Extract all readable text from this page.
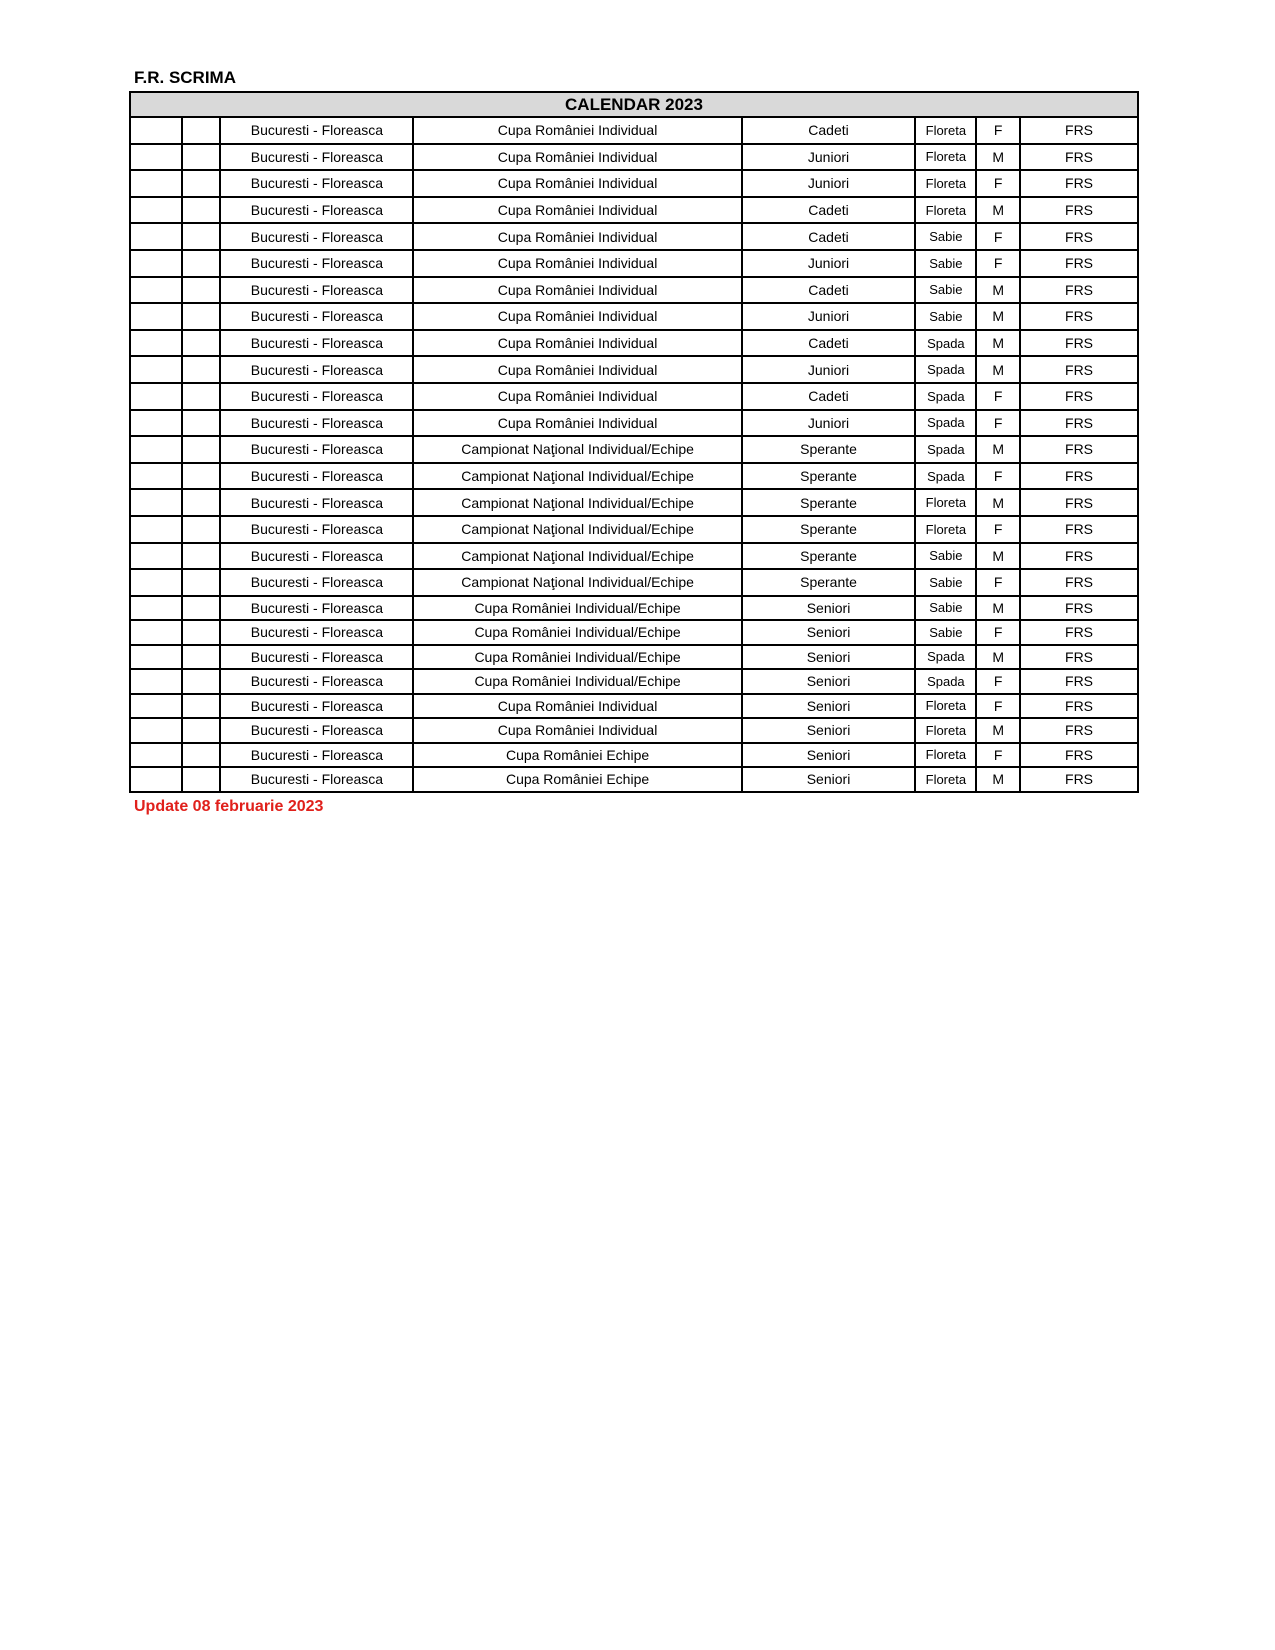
F.R. SCRIMA
CALENDAR 2023							
		Bucuresti - Floreasca	Cupa României Individual	Cadeti	Floreta	F	FRS
		Bucuresti - Floreasca	Cupa României Individual	Juniori	Floreta	M	FRS
		Bucuresti - Floreasca	Cupa României Individual	Juniori	Floreta	F	FRS
		Bucuresti - Floreasca	Cupa României Individual	Cadeti	Floreta	M	FRS
		Bucuresti - Floreasca	Cupa României Individual	Cadeti	Sabie	F	FRS
		Bucuresti - Floreasca	Cupa României Individual	Juniori	Sabie	F	FRS
		Bucuresti - Floreasca	Cupa României Individual	Cadeti	Sabie	M	FRS
		Bucuresti - Floreasca	Cupa României Individual	Juniori	Sabie	M	FRS
		Bucuresti - Floreasca	Cupa României Individual	Cadeti	Spada	M	FRS
		Bucuresti - Floreasca	Cupa României Individual	Juniori	Spada	M	FRS
		Bucuresti - Floreasca	Cupa României Individual	Cadeti	Spada	F	FRS
		Bucuresti - Floreasca	Cupa României Individual	Juniori	Spada	F	FRS
		Bucuresti - Floreasca	Campionat Naţional Individual/Echipe	Sperante	Spada	M	FRS
		Bucuresti - Floreasca	Campionat Naţional Individual/Echipe	Sperante	Spada	F	FRS
		Bucuresti - Floreasca	Campionat Naţional Individual/Echipe	Sperante	Floreta	M	FRS
		Bucuresti - Floreasca	Campionat Naţional Individual/Echipe	Sperante	Floreta	F	FRS
		Bucuresti - Floreasca	Campionat Naţional Individual/Echipe	Sperante	Sabie	M	FRS
		Bucuresti - Floreasca	Campionat Naţional Individual/Echipe	Sperante	Sabie	F	FRS
		Bucuresti - Floreasca	Cupa României Individual/Echipe	Seniori	Sabie	M	FRS
		Bucuresti - Floreasca	Cupa României Individual/Echipe	Seniori	Sabie	F	FRS
		Bucuresti - Floreasca	Cupa României Individual/Echipe	Seniori	Spada	M	FRS
		Bucuresti - Floreasca	Cupa României Individual/Echipe	Seniori	Spada	F	FRS
		Bucuresti - Floreasca	Cupa României Individual	Seniori	Floreta	F	FRS
		Bucuresti - Floreasca	Cupa României Individual	Seniori	Floreta	M	FRS
		Bucuresti - Floreasca	Cupa României Echipe	Seniori	Floreta	F	FRS
		Bucuresti - Floreasca	Cupa României Echipe	Seniori	Floreta	M	FRS
Update 08 februarie 2023
